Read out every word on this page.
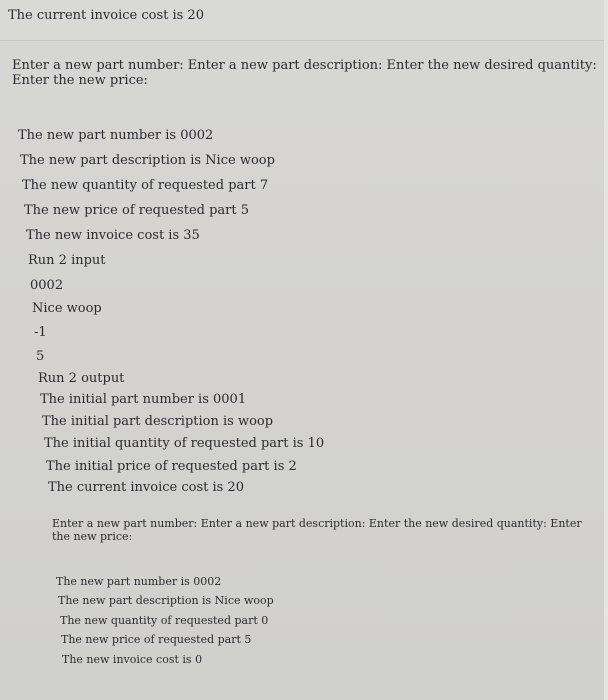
The current invoice cost is 20
Enter a new part number: Enter a new part description: Enter the new desired quantity: Enter the new price:
The new part number is 0002
The new part description is Nice woop
The new quantity of requested part 7
The new price of requested part 5
The new invoice cost is 35
Run 2 input
0002
Nice woop
-1
5
Run 2 output
The initial part number is 0001
The initial part description is woop
The initial quantity of requested part is 10
The initial price of requested part is 2
The current invoice cost is 20
Enter a new part number: Enter a new part description: Enter the new desired quantity: Enter the new price:
The new part number is 0002
The new part description is Nice woop
The new quantity of requested part 0
The new price of requested part 5
The new invoice cost is 0
